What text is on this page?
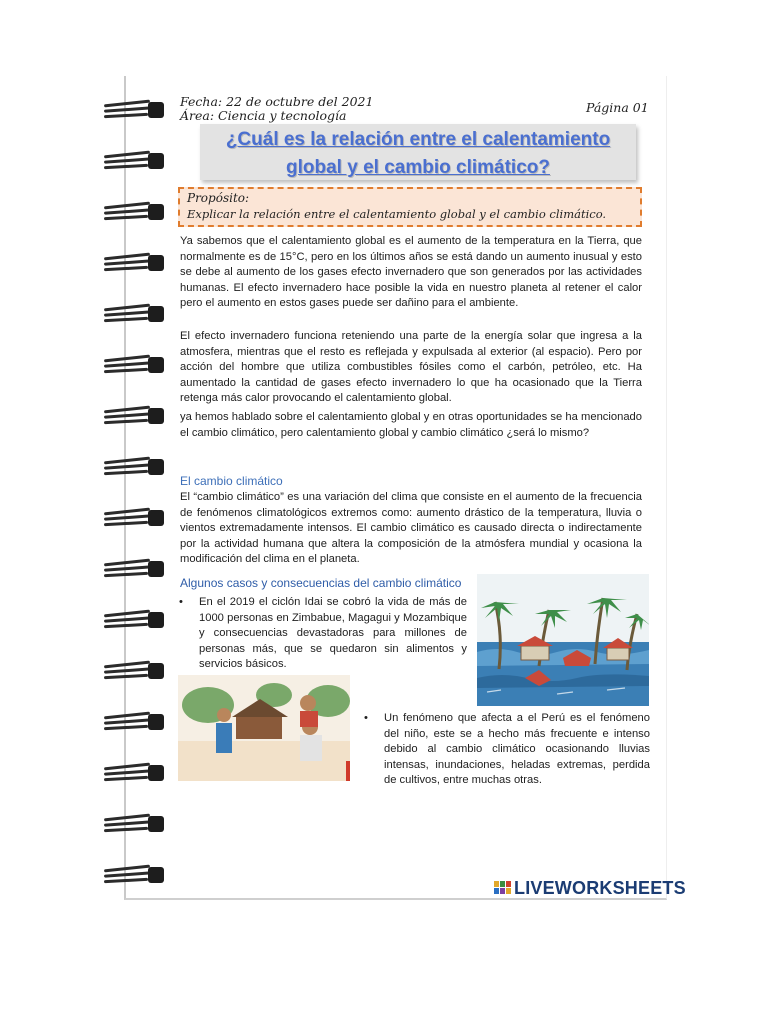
Fecha: 22 de octubre del 2021
Área: Ciencia y tecnología
Página 01
¿Cuál es la relación entre el calentamiento
global y el cambio climático?
Propósito:
Explicar la relación entre el calentamiento global y el cambio climático.
Ya sabemos que el calentamiento global es el aumento de la temperatura en la Tierra, que normalmente es de 15°C, pero en los últimos años se está dando un aumento inusual y esto se debe al aumento de los gases efecto invernadero que son generados por las actividades humanas. El efecto invernadero hace posible la vida en nuestro planeta al retener el calor pero el aumento en estos gases puede ser dañino para el ambiente.
El efecto invernadero funciona reteniendo una parte de la energía solar que ingresa a la atmosfera, mientras que el resto es reflejada y expulsada al exterior (al espacio). Pero por acción del hombre que utiliza combustibles fósiles como el carbón, petróleo, etc. Ha aumentado la cantidad de gases efecto invernadero lo que ha ocasionado que la Tierra retenga más calor provocando el calentamiento global.
ya hemos hablado sobre el calentamiento global y en otras oportunidades se ha mencionado el cambio climático, pero calentamiento global y cambio climático ¿será lo mismo?
El cambio climático
El “cambio climático” es una variación del clima que consiste en el aumento de la frecuencia de fenómenos climatológicos extremos como: aumento drástico de la temperatura, lluvia o vientos extremadamente intensos. El cambio climático es causado directa o indirectamente por la actividad humana que altera la composición de la atmósfera mundial y ocasiona la modificación del clima en el planeta.
Algunos casos y consecuencias del cambio climático
• En el 2019 el ciclón Idai se cobró la vida de más de 1000 personas en Zimbabue, Magagui y Mozambique y consecuencias devastadoras para millones de personas más, que se quedaron sin alimentos y servicios básicos.
• Un fenómeno que afecta a el Perú es el fenómeno del niño, este se a hecho más frecuente e intenso debido al cambio climático ocasionando lluvias intensas, inundaciones, heladas extremas, perdida de cultivos, entre muchas otras.
LIVEWORKSHEETS
